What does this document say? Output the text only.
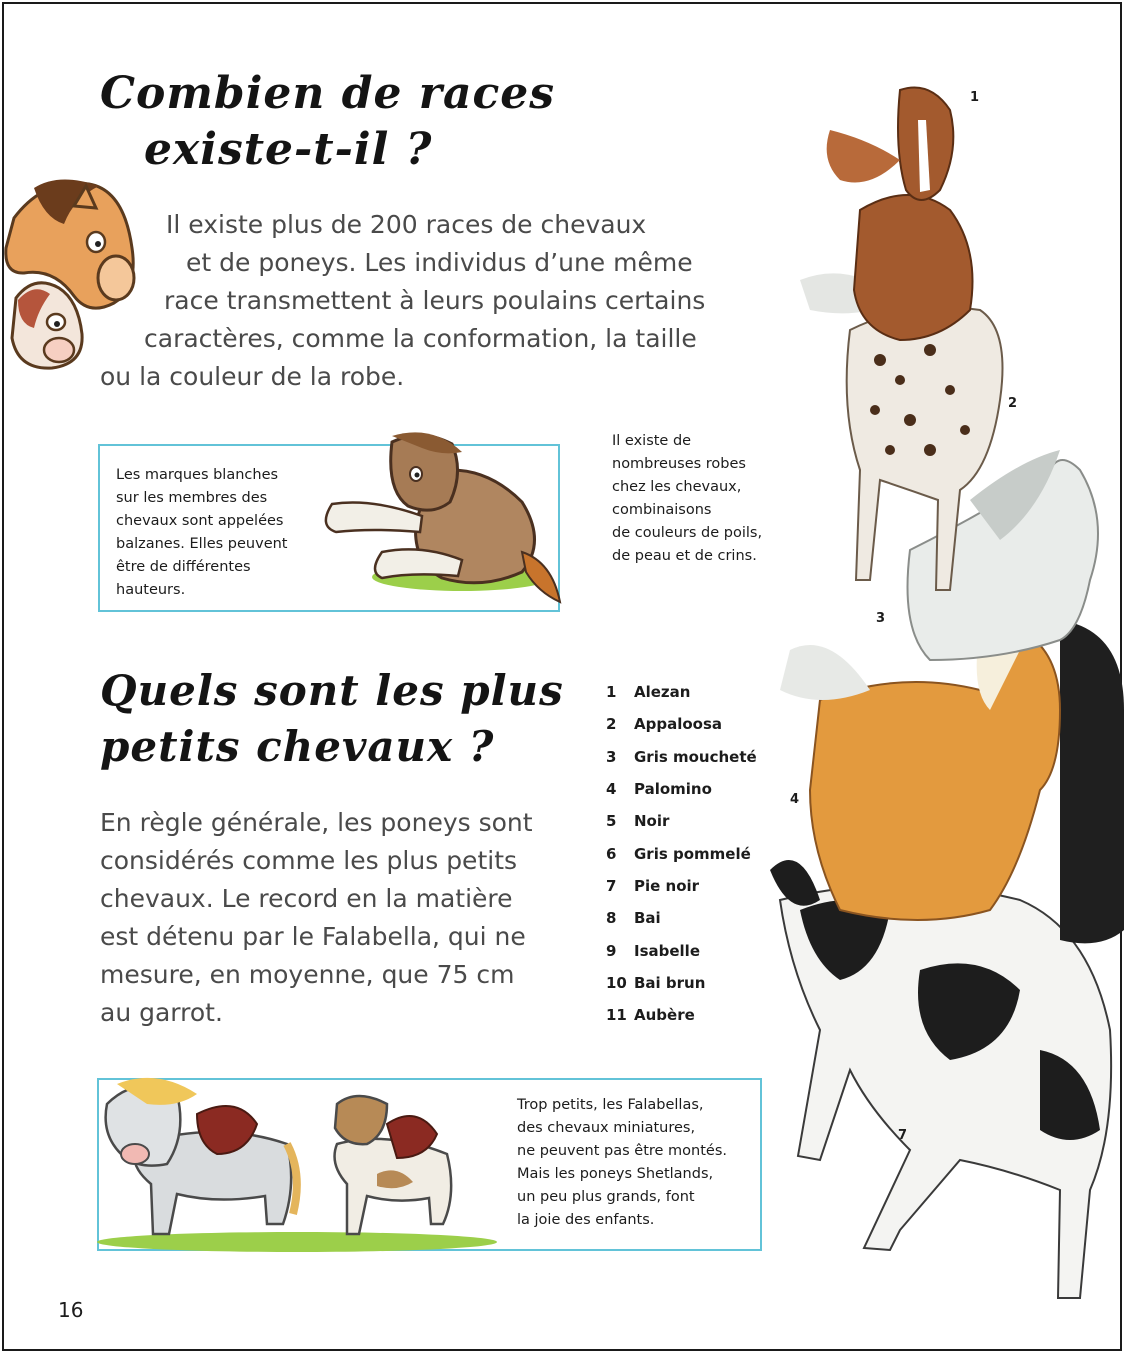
Combien de races
existe-t-il ?

Il existe plus de 200 races de chevaux
et de poneys. Les individus d’une même
race transmettent à leurs poulains certains
caractères, comme la conformation, la taille
ou la couleur de la robe.

Les marques blanches
sur les membres des
chevaux sont appelées
balzanes. Elles peuvent
être de différentes
hauteurs.
Il existe de
nombreuses robes
chez les chevaux,
combinaisons
de couleurs de poils,
de peau et de crins.
Quels sont les plus
petits chevaux ?

En règle générale, les poneys sont
considérés comme les plus petits
chevaux. Le record en la matière
est détenu par le Falabella, qui ne
mesure, en moyenne, que 75 cm
au garrot.

1	Alezan
2	Appaloosa
3	Gris moucheté
4	Palomino
5	Noir
6	Gris pommelé
7	Pie noir
8	Bai
9	Isabelle
10 Bai brun
11 Aubère
1
2
3
4
7
Trop petits, les Falabellas,
des chevaux miniatures,
ne peuvent pas être montés.
Mais les poneys Shetlands,
un peu plus grands, font
la joie des enfants.
16
